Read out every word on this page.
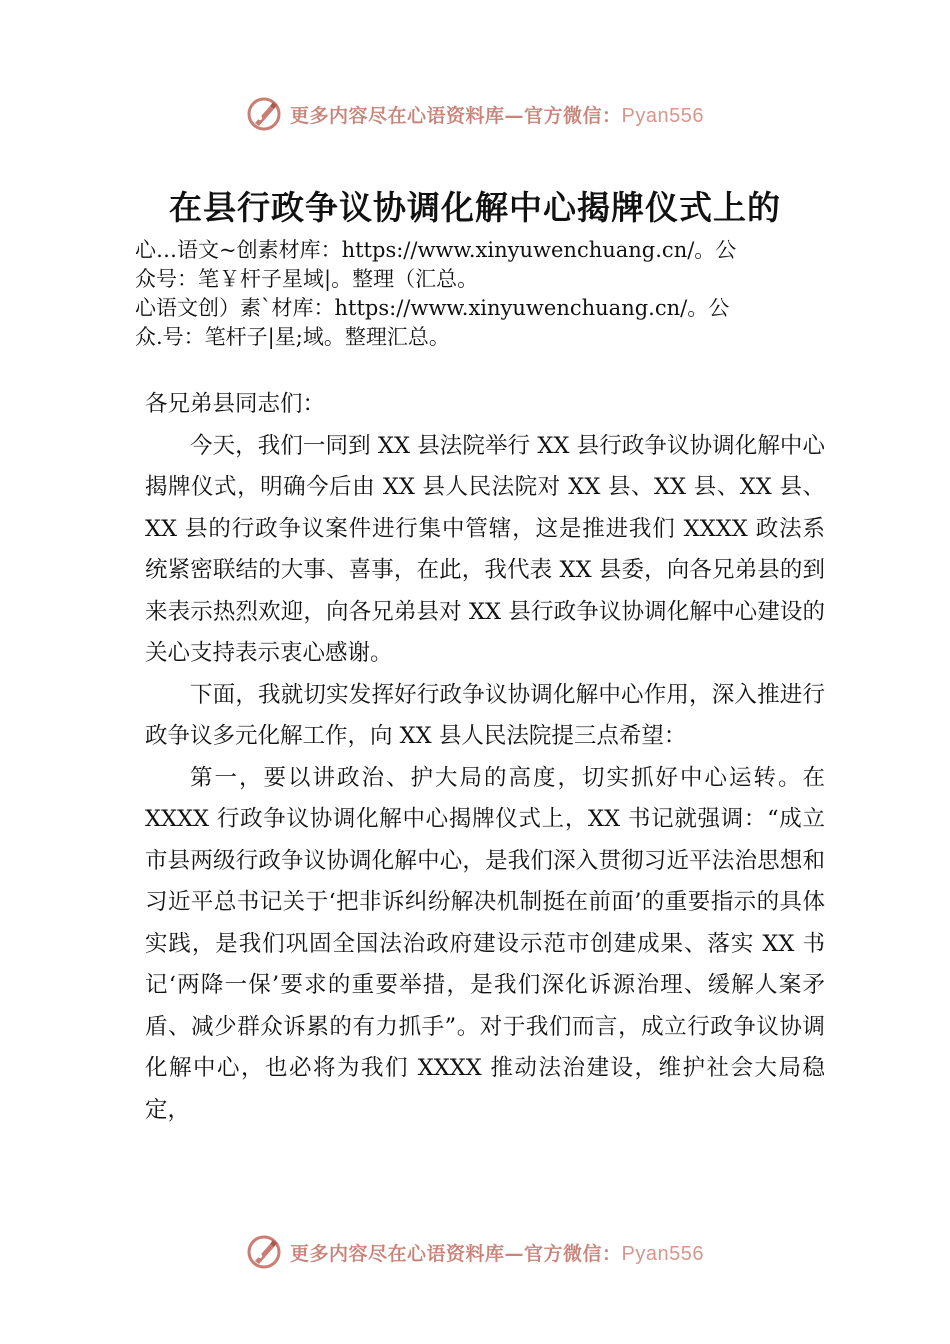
更多内容尽在心语资料库—官方微信：Pyan556
在县行政争议协调化解中心揭牌仪式上的
心…语文~创素材库：https://www.xinyuwenchuang.cn/。公
众号：笔￥杆子星域|。整理（汇总。
心语文创）素`材库：https://www.xinyuwenchuang.cn/。公
众.号：笔杆子|星;域。整理汇总。

各兄弟县同志们：

今天，我们一同到 XX 县法院举行 XX 县行政争议协调化解中心揭牌仪式，明确今后由 XX 县人民法院对 XX 县、XX 县、XX 县、XX 县的行政争议案件进行集中管辖，这是推进我们 XXXX 政法系统紧密联结的大事、喜事，在此，我代表 XX 县委，向各兄弟县的到来表示热烈欢迎，向各兄弟县对 XX 县行政争议协调化解中心建设的关心支持表示衷心感谢。

下面，我就切实发挥好行政争议协调化解中心作用，深入推进行政争议多元化解工作，向 XX 县人民法院提三点希望：

第一，要以讲政治、护大局的高度，切实抓好中心运转。在 XXXX 行政争议协调化解中心揭牌仪式上，XX 书记就强调：“成立市县两级行政争议协调化解中心，是我们深入贯彻习近平法治思想和习近平总书记关于‘把非诉纠纷解决机制挺在前面’的重要指示的具体实践，是我们巩固全国法治政府建设示范市创建成果、落实 XX 书记‘两降一保’要求的重要举措，是我们深化诉源治理、缓解人案矛盾、减少群众诉累的有力抓手”。对于我们而言，成立行政争议协调化解中心，也必将为我们 XXXX 推动法治建设，维护社会大局稳定，

更多内容尽在心语资料库—官方微信：Pyan556
